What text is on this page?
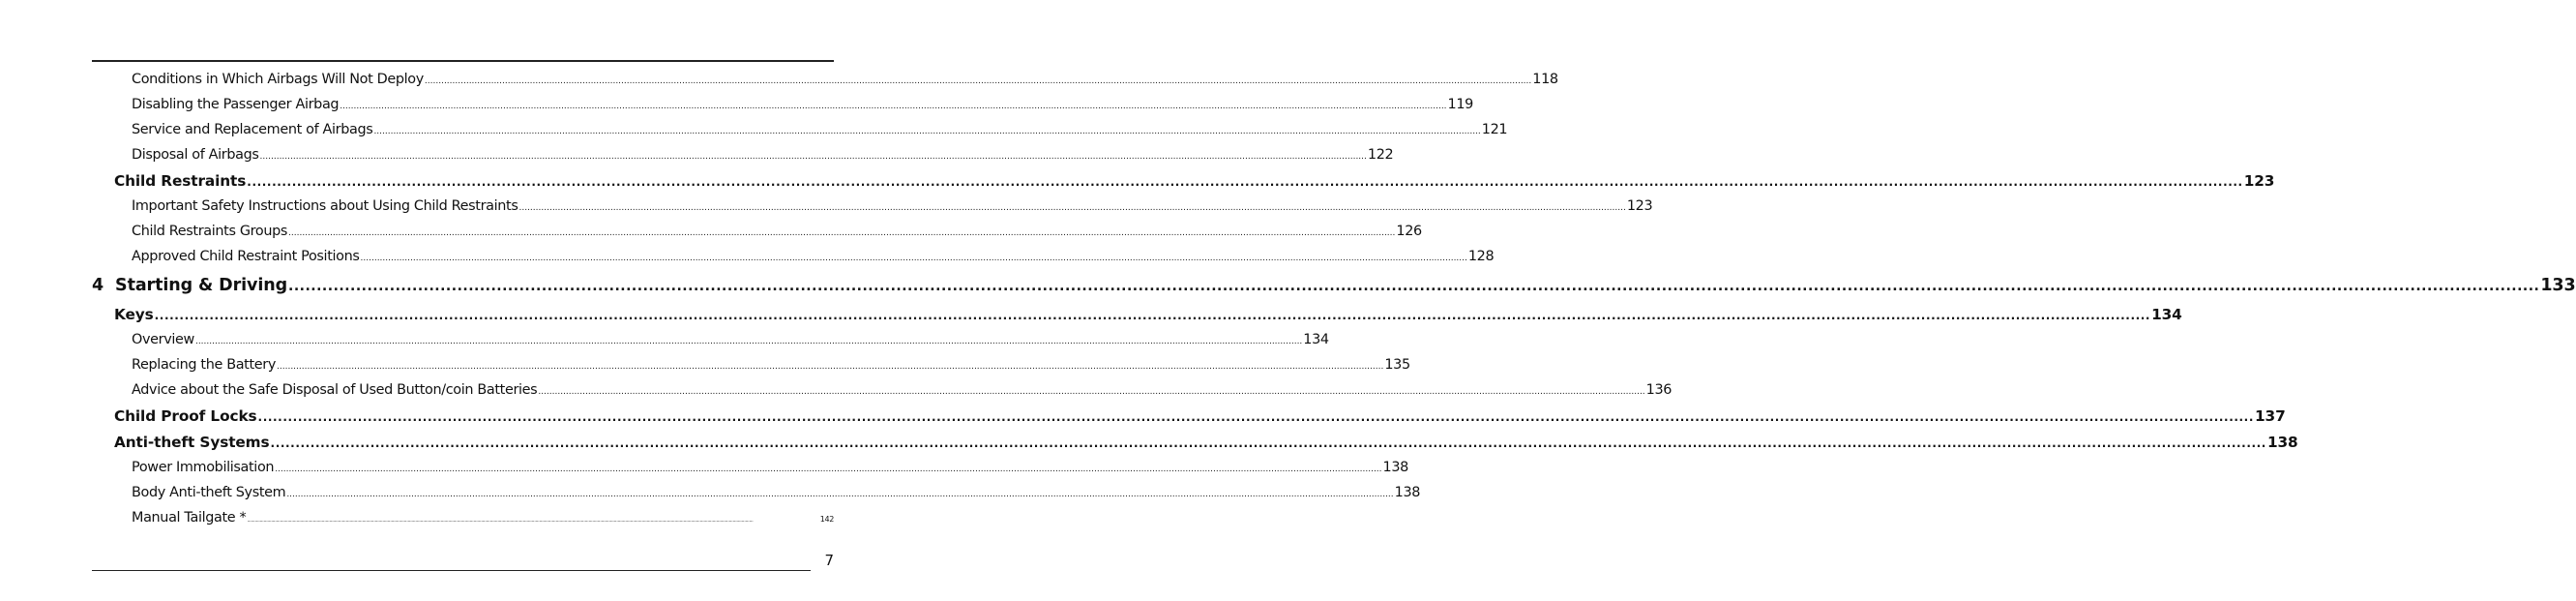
Conditions in Which Airbags Will Not Deploy ................................................................................................................................................................................................................................................................................................................................................................................................................ 118
Disabling the Passenger Airbag ................................................................................................................................................................................................................................................................................................................................................................................................................ 119
Service and Replacement of Airbags ................................................................................................................................................................................................................................................................................................................................................................................................................ 121
Disposal of Airbags ................................................................................................................................................................................................................................................................................................................................................................................................................ 122
Child Restraints ................................................................................................................................................................................................................................................................................................................................................................................................................ 123
Important Safety Instructions about Using Child Restraints ................................................................................................................................................................................................................................................................................................................................................................................................................ 123
Child Restraints Groups ................................................................................................................................................................................................................................................................................................................................................................................................................ 126
Approved Child Restraint Positions ................................................................................................................................................................................................................................................................................................................................................................................................................ 128
4  Starting & Driving ................................................................................................................................................................................................................................................................................................................................................................................................................ 133
Keys ................................................................................................................................................................................................................................................................................................................................................................................................................ 134
Overview ................................................................................................................................................................................................................................................................................................................................................................................................................ 134
Replacing the Battery ................................................................................................................................................................................................................................................................................................................................................................................................................ 135
Advice about the Safe Disposal of Used Button/coin Batteries ................................................................................................................................................................................................................................................................................................................................................................................................................ 136
Child Proof Locks ................................................................................................................................................................................................................................................................................................................................................................................................................ 137
Anti-theft Systems ................................................................................................................................................................................................................................................................................................................................................................................................................ 138
Power Immobilisation ................................................................................................................................................................................................................................................................................................................................................................................................................ 138
Body Anti-theft System ................................................................................................................................................................................................................................................................................................................................................................................................................ 138
Manual Tailgate * ................................................................................................................................................................................................................................................................................................................................................................................................................	142
7
